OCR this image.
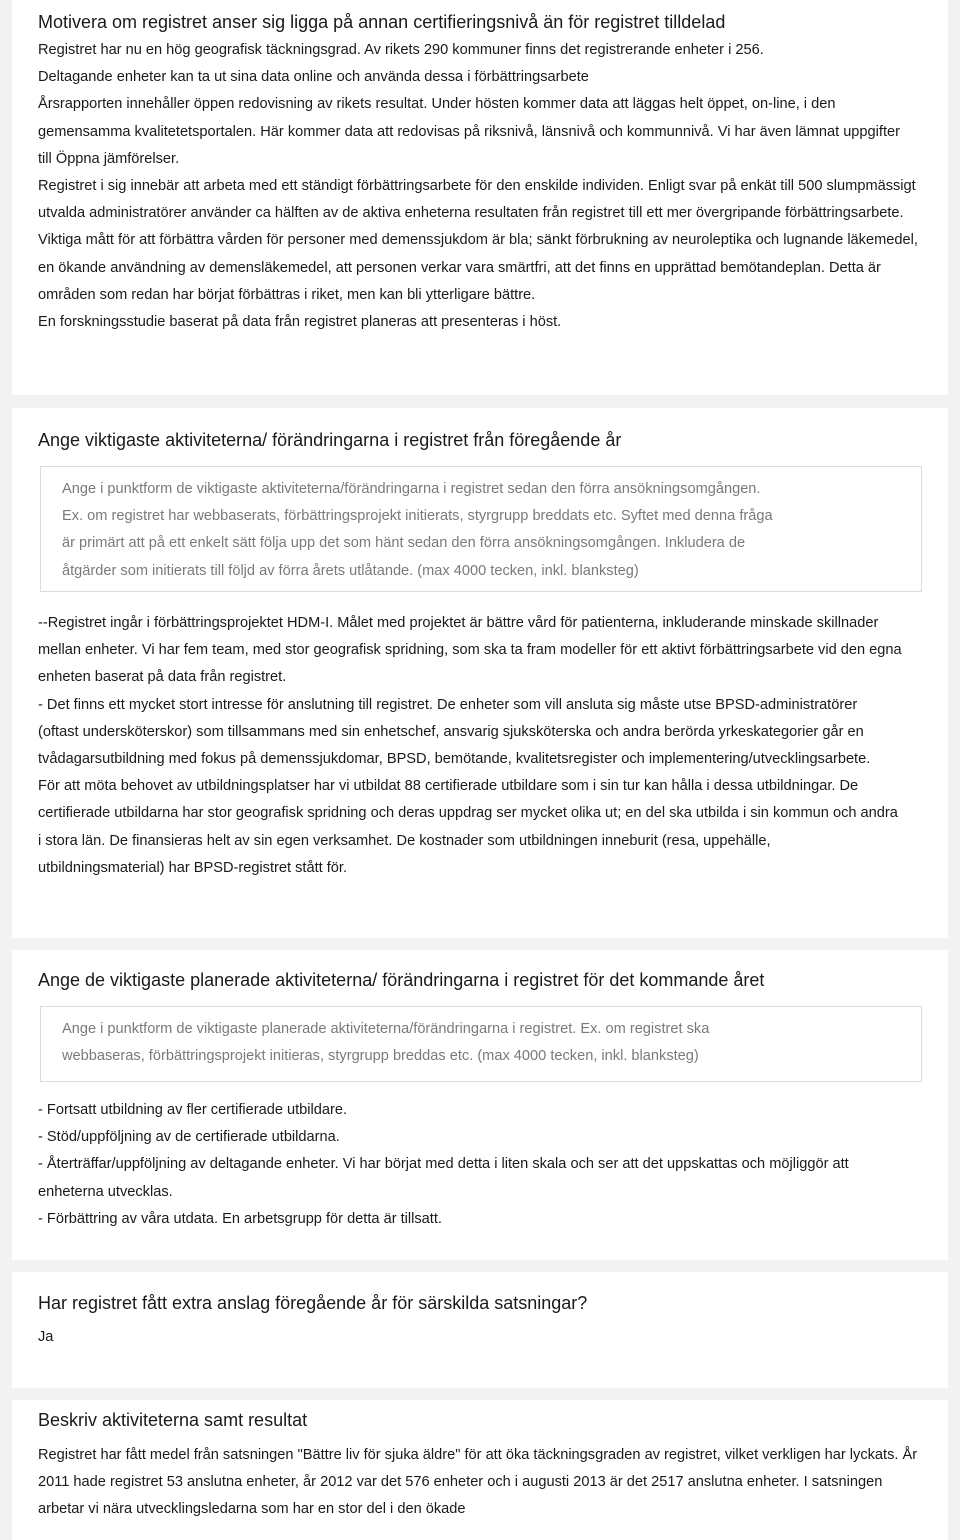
Motivera om registret anser sig ligga på annan certifieringsnivå än för registret tilldelad

Registret har nu en hög geografisk täckningsgrad. Av rikets 290 kommuner finns det registrerande enheter i 256.

Deltagande enheter kan ta ut sina data online och använda dessa i förbättringsarbete

Årsrapporten innehåller öppen redovisning av rikets resultat. Under hösten kommer data att läggas helt öppet, on-line, i den gemensamma kvalitetetsportalen. Här kommer data att redovisas på riksnivå, länsnivå och kommunnivå. Vi har även lämnat uppgifter till Öppna jämförelser.

Registret i sig innebär att arbeta med ett ständigt förbättringsarbete för den enskilde individen. Enligt svar på enkät till 500 slumpmässigt utvalda administratörer använder ca hälften av de aktiva enheterna resultaten från registret till ett mer övergripande förbättringsarbete.

Viktiga mått för att förbättra vården för personer med demenssjukdom är bla; sänkt förbrukning av neuroleptika och lugnande läkemedel, en ökande användning av demensläkemedel, att personen verkar vara smärtfri, att det finns en upprättad bemötandeplan. Detta är områden som redan har börjat förbättras i riket, men kan bli ytterligare bättre.

En forskningsstudie baserat på data från registret planeras att presenteras i höst.

Ange viktigaste aktiviteterna/ förändringarna i registret från föregående år

Ange i punktform de viktigaste aktiviteterna/förändringarna i registret sedan den förra ansökningsomgången.

Ex. om registret har webbaserats, förbättringsprojekt initierats, styrgrupp breddats etc. Syftet med denna fråga

är primärt att på ett enkelt sätt följa upp det som hänt sedan den förra ansökningsomgången. Inkludera de

åtgärder som initierats till följd av förra årets utlåtande. (max 4000 tecken, inkl. blanksteg)

--Registret ingår i förbättringsprojektet HDM-I. Målet med projektet är bättre vård för patienterna, inkluderande minskade skillnader mellan enheter. Vi har fem team, med stor geografisk spridning, som ska ta fram modeller för ett aktivt förbättringsarbete vid den egna enheten baserat på data från registret.

- Det finns ett mycket stort intresse för anslutning till registret. De enheter som vill ansluta sig måste utse BPSD-administratörer (oftast undersköterskor) som tillsammans med sin enhetschef, ansvarig sjuksköterska och andra berörda yrkeskategorier går en tvådagarsutbildning med fokus på demenssjukdomar, BPSD, bemötande, kvalitetsregister och implementering/utvecklingsarbete.

För att möta behovet av utbildningsplatser har vi utbildat 88 certifierade utbildare som i sin tur kan hålla i dessa utbildningar. De certifierade utbildarna har stor geografisk spridning och deras uppdrag ser mycket olika ut; en del ska utbilda i sin kommun och andra i stora län. De finansieras helt av sin egen verksamhet. De kostnader som utbildningen inneburit (resa, uppehälle, utbildningsmaterial) har BPSD-registret stått för.

Ange de viktigaste planerade aktiviteterna/ förändringarna i registret för det kommande året

Ange i punktform de viktigaste planerade aktiviteterna/förändringarna i registret. Ex. om registret ska

webbaseras, förbättringsprojekt initieras, styrgrupp breddas etc. (max 4000 tecken, inkl. blanksteg)

- Fortsatt utbildning av fler certifierade utbildare.

- Stöd/uppföljning av de certifierade utbildarna.

- Återträffar/uppföljning av deltagande enheter. Vi har börjat med detta i liten skala och ser att det uppskattas och möjliggör att enheterna utvecklas.

- Förbättring av våra utdata. En arbetsgrupp för detta är tillsatt.

Har registret fått extra anslag föregående år för särskilda satsningar?

Ja

Beskriv aktiviteterna samt resultat

Registret har fått medel från satsningen "Bättre liv för sjuka äldre" för att öka täckningsgraden av registret, vilket verkligen har lyckats. År 2011 hade registret 53 anslutna enheter, år 2012 var det 576 enheter och i augusti 2013 är det 2517 anslutna enheter. I satsningen arbetar vi nära utvecklingsledarna som har en stor del i den ökade
